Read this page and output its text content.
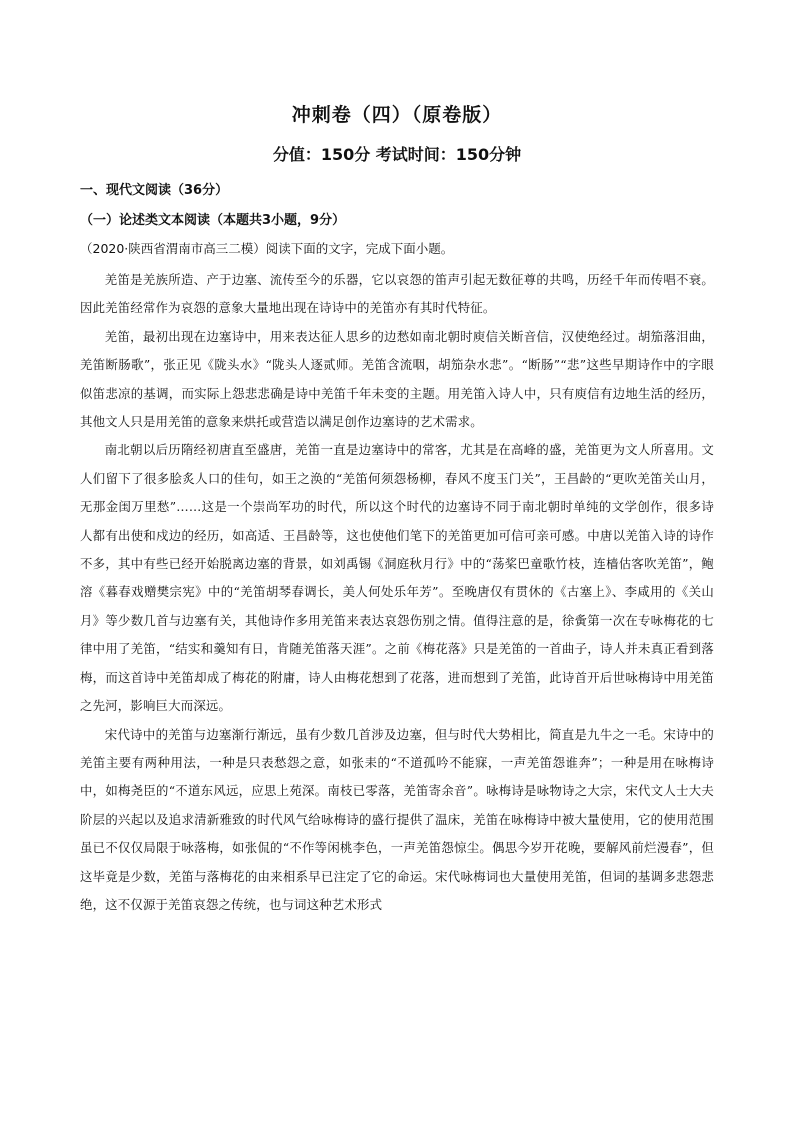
冲刺卷（四）（原卷版）
分值：150分 考试时间：150分钟
一、现代文阅读（36分）
（一）论述类文本阅读（本题共3小题，9分）
（2020·陕西省渭南市高三二模）阅读下面的文字，完成下面小题。

羌笛是羌族所造、产于边塞、流传至今的乐器，它以哀怨的笛声引起无数征尊的共鸣，历经千年而传唱不衰。因此羌笛经常作为哀怨的意象大量地出现在诗诗中的羌笛亦有其时代特征。

羌笛，最初出现在边塞诗中，用来表达征人思乡的边愁如南北朝时庾信关断音信，汉使绝经过。胡笳落泪曲，羌笛断肠歌”，张正见《陇头水》“陇头人逐贰师。羌笛含流咽，胡笳杂水悲”。“断肠”“悲”这些早期诗作中的字眼似笛悲凉的基调，而实际上怨悲悲确是诗中羌笛千年未变的主题。用羌笛入诗人中，只有庾信有边地生活的经历，其他文人只是用羌笛的意象来烘托或营造以满足创作边塞诗的艺术需求。

南北朝以后历隋经初唐直至盛唐，羌笛一直是边塞诗中的常客，尤其是在高峰的盛，羌笛更为文人所喜用。文人们留下了很多脍炙人口的佳句，如王之涣的“羌笛何须怨杨柳，春风不度玉门关”，王昌龄的“更吹羌笛关山月，无那金闺万里愁”……这是一个崇尚军功的时代，所以这个时代的边塞诗不同于南北朝时单纯的文学创作，很多诗人都有出使和戍边的经历，如高适、王昌龄等，这也使他们笔下的羌笛更加可信可亲可感。中唐以羌笛入诗的诗作不多，其中有些已经开始脱离边塞的背景，如刘禹锡《洞庭秋月行》中的“荡桨巴童歌竹枝，连樯估客吹羌笛”，鲍溶《暮春戏赠樊宗宪》中的“羌笛胡琴春调长，美人何处乐年芳”。至晚唐仅有贯休的《古塞上》、李咸用的《关山月》等少数几首与边塞有关，其他诗作多用羌笛来表达哀怨伤别之情。值得注意的是，徐夤第一次在专咏梅花的七律中用了羌笛，“结实和羹知有日，肯随羌笛落天涯”。之前《梅花落》只是羌笛的一首曲子，诗人并未真正看到落梅，而这首诗中羌笛却成了梅花的附庸，诗人由梅花想到了花落，进而想到了羌笛，此诗首开后世咏梅诗中用羌笛之先河，影响巨大而深远。

宋代诗中的羌笛与边塞渐行渐远，虽有少数几首涉及边塞，但与时代大势相比，简直是九牛之一毛。宋诗中的羌笛主要有两种用法，一种是只表愁怨之意，如张耒的“不道孤吟不能寐，一声羌笛怨谁奔”；一种是用在咏梅诗中，如梅尧臣的“不道东风远，应思上苑深。南枝已零落，羌笛寄余音”。咏梅诗是咏物诗之大宗，宋代文人士大夫阶层的兴起以及追求清新雅致的时代风气给咏梅诗的盛行提供了温床，羌笛在咏梅诗中被大量使用，它的使用范围虽已不仅仅局限于咏落梅，如张侃的“不作等闲桃李色，一声羌笛怨惊尘。偶思今岁开花晚，要解风前烂漫春”，但这毕竟是少数，羌笛与落梅花的由来相系早已注定了它的命运。宋代咏梅词也大量使用羌笛，但词的基调多悲怨悲绝，这不仅源于羌笛哀怨之传统，也与词这种艺术形式
